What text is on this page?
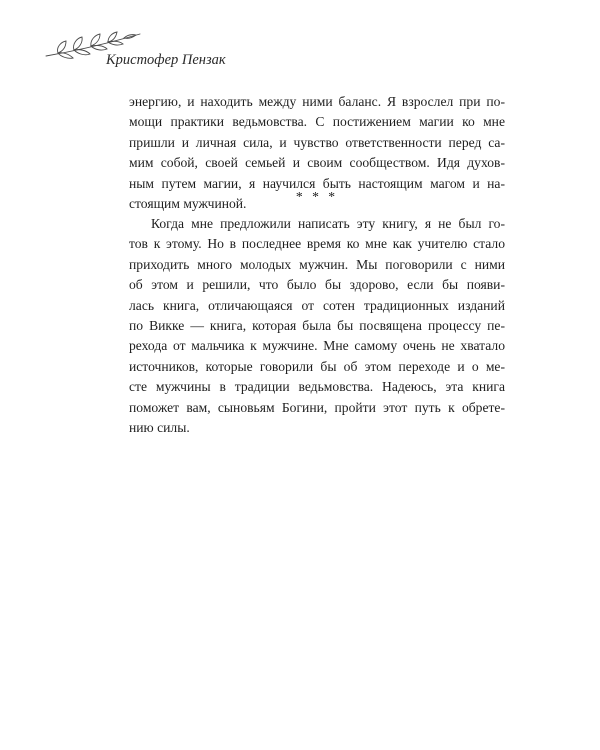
Кристофер Пензак
энергию, и находить между ними баланс. Я взрослел при по-
мощи практики ведьмовства. С постижением магии ко мне
пришли и личная сила, и чувство ответственности перед са-
мим собой, своей семьей и своим сообществом. Идя духов-
ным путем магии, я научился быть настоящим магом и на-
стоящим мужчиной.	* * *
Когда мне предложили написать эту книгу, я не был го-
тов к этому. Но в последнее время ко мне как учителю стало
приходить много молодых мужчин. Мы поговорили с ними
об этом и решили, что было бы здорово, если бы появи-
лась книга, отличающаяся от сотен традиционных изданий
по Викке — книга, которая была бы посвящена процессу пе-
рехода от мальчика к мужчине. Мне самому очень не хватало
источников, которые говорили бы об этом переходе и о ме-
сте мужчины в традиции ведьмовства. Надеюсь, эта книга
поможет вам, сыновьям Богини, пройти этот путь к обрете-
нию силы.
